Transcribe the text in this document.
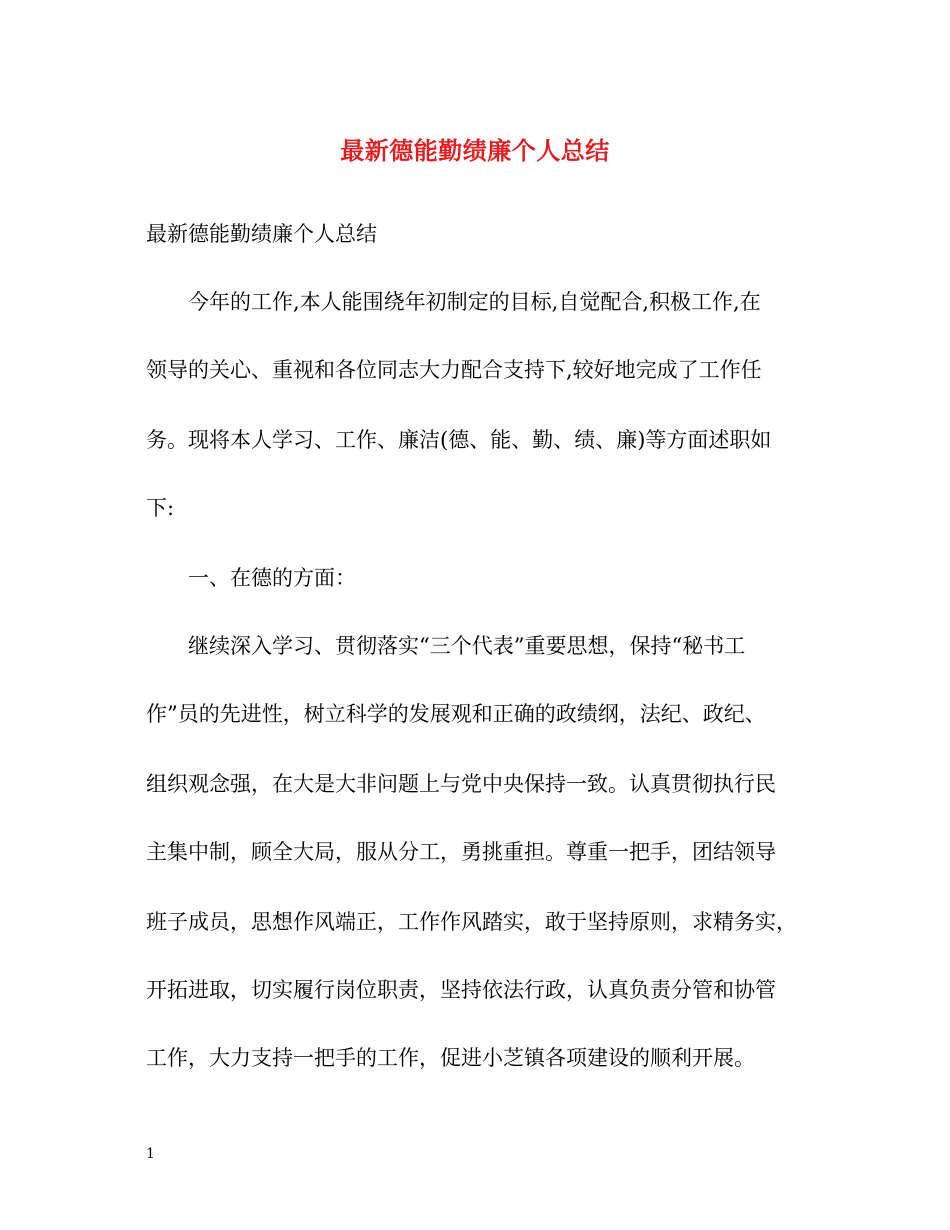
最新德能勤绩廉个人总结
最新德能勤绩廉个人总结
今年的工作,本人能围绕年初制定的目标,自觉配合,积极工作,在
领导的关心、重视和各位同志大力配合支持下,较好地完成了工作任
务。现将本人学习、工作、廉洁(德、能、勤、绩、廉)等方面述职如
下:
一、在德的方面：
继续深入学习、贯彻落实“三个代表”重要思想，保持“秘书工
作”员的先进性，树立科学的发展观和正确的政绩纲，法纪、政纪、
组织观念强，在大是大非问题上与党中央保持一致。认真贯彻执行民
主集中制，顾全大局，服从分工，勇挑重担。尊重一把手，团结领导
班子成员，思想作风端正，工作作风踏实，敢于坚持原则，求精务实，
开拓进取，切实履行岗位职责，坚持依法行政，认真负责分管和协管
工作，大力支持一把手的工作，促进小芝镇各项建设的顺利开展。
1
